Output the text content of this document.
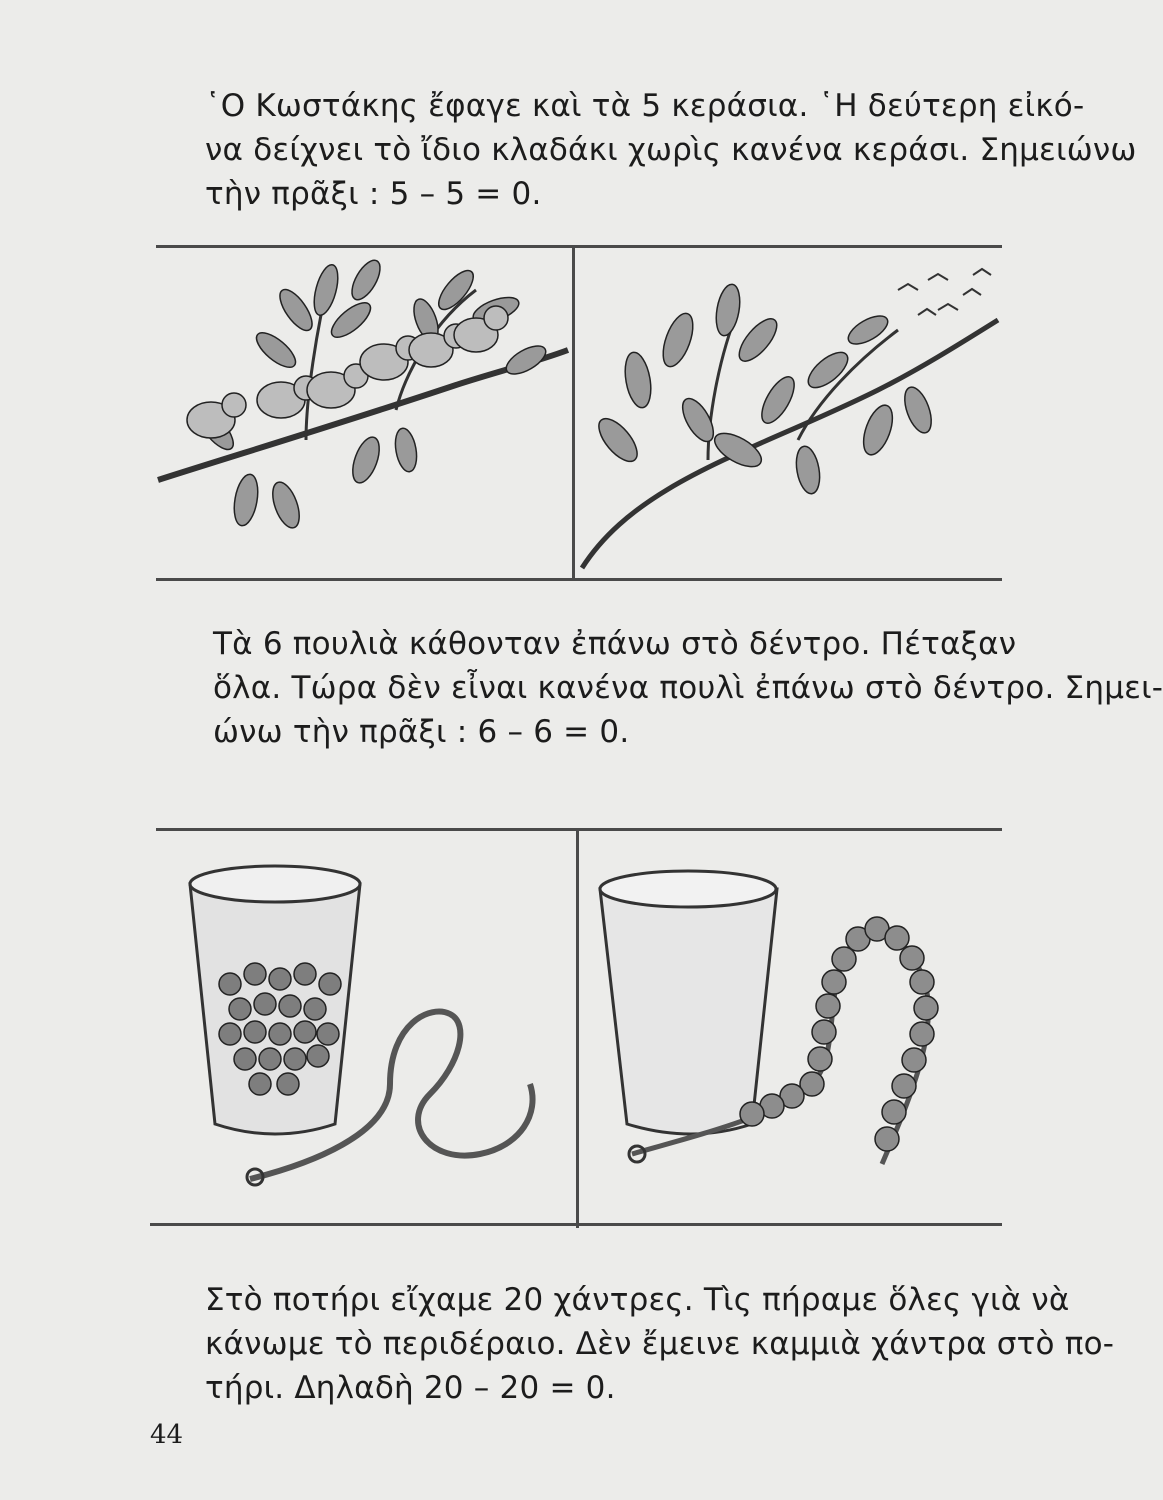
῾Ο Κωστάκης ἔφαγε καὶ τὰ 5 κεράσια. ῾Η δεύτερη εἰκό-
να δείχνει τὸ ἴδιο κλαδάκι χωρὶς κανένα κεράσι. Σημειώνω
τὴν πρᾶξι : 5 – 5 = 0.

Τὰ 6 πουλιὰ κάθονταν ἐπάνω στὸ δέντρο. Πέταξαν
ὅλα. Τώρα δὲν εἶναι κανένα πουλὶ ἐπάνω στὸ δέντρο. Σημει-
ώνω τὴν πρᾶξι : 6 – 6 = 0.

Στὸ ποτήρι εἴχαμε 20 χάντρες. Τὶς πήραμε ὅλες γιὰ νὰ
κάνωμε τὸ περιδέραιο. Δὲν ἔμεινε καμμιὰ χάντρα στὸ πο-
τήρι. Δηλαδὴ 20 – 20 = 0.

44
